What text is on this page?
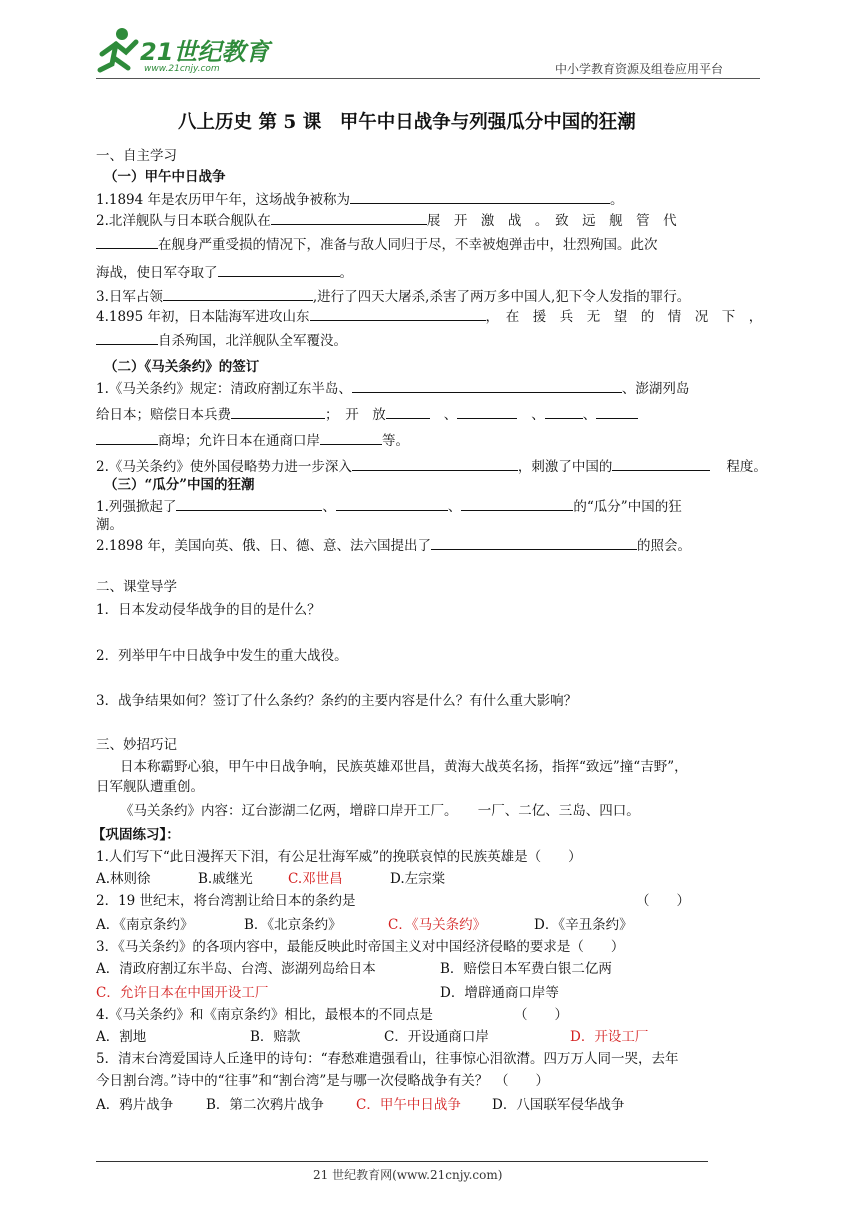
21世纪教育
www.21cnjy.com	中小学教育资源及组卷应用平台
八上历史 第 5 课　甲午中日战争与列强瓜分中国的狂潮
一、自主学习
（一）甲午中日战争
1.1894 年是农历甲午年，这场战争被称为	。
2.北洋舰队与日本联合舰队在	展　开　激　战　。　致　远　舰　管　代
在舰身严重受损的情况下，准备与敌人同归于尽，不幸被炮弹击中，壮烈殉国。此次
海战，使日军夺取了	。
3.日军占领	,进行了四天大屠杀,杀害了两万多中国人,犯下令人发指的罪行。
4.1895 年初，日本陆海军进攻山东	，　在　援　兵　无　望　的　情　况　下　，
自杀殉国，北洋舰队全军覆没。
（二）《马关条约》的签订
1.《马关条约》规定：清政府割辽东半岛、	、澎湖列岛
给日本；赔偿日本兵费	；　开　放	、	、	、
商埠；允许日本在通商口岸	等。
2.《马关条约》使外国侵略势力进一步深入	，刺激了中国的	程度。
（三）“瓜分”中国的狂潮
1.列强掀起了	、	、	的“瓜分”中国的狂
潮。
2.1898 年，美国向英、俄、日、德、意、法六国提出了	的照会。
二、课堂导学
1．日本发动侵华战争的目的是什么？
2．列举甲午中日战争中发生的重大战役。
3．战争结果如何？签订了什么条约？条约的主要内容是什么？有什么重大影响？
三、妙招巧记
日本称霸野心狼，甲午中日战争响，民族英雄邓世昌，黄海大战英名扬，指挥“致远”撞“吉野”，
日军舰队遭重创。
《马关条约》内容：辽台澎湖二亿两，增辟口岸开工厂。　　一厂、二亿、三岛、四口。
【巩固练习】：
1.人们写下“此日漫挥天下泪，有公足壮海军威”的挽联哀悼的民族英雄是（　　）
A.林则徐	B.戚继光	C.邓世昌	D.左宗棠
2．19 世纪末，将台湾割让给日本的条约是	（　　）
A．《南京条约》	B．《北京条约》	C．《马关条约》	D．《辛丑条约》
3．《马关条约》的各项内容中，最能反映此时帝国主义对中国经济侵略的要求是（　　）
A．清政府割辽东半岛、台湾、澎湖列岛给日本	B．赔偿日本军费白银二亿两
C．允许日本在中国开设工厂	D．增辟通商口岸等
4.《马关条约》和《南京条约》相比，最根本的不同点是	（　　）
A．割地	B．赔款	C．开设通商口岸	D．开设工厂
5．清末台湾爱国诗人丘逢甲的诗句：“春愁难遣强看山，往事惊心泪欲潸。四万万人同一哭，去年
今日割台湾。”诗中的“往事”和“割台湾”是与哪一次侵略战争有关？　（　　）
A．鸦片战争 B．第二次鸦片战争 C．甲午中日战争 D．八国联军侵华战争
21 世纪教育网(www.21cnjy.com)
